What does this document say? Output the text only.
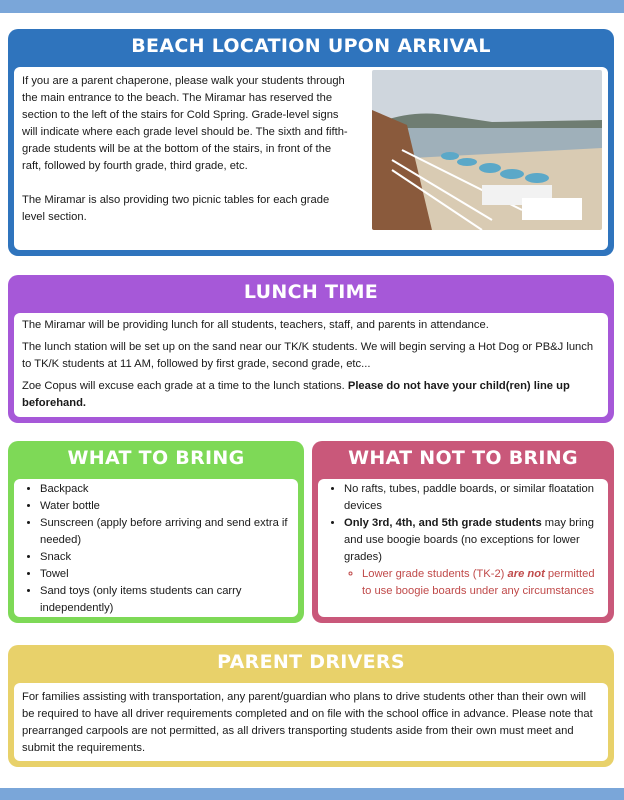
BEACH LOCATION UPON ARRIVAL
If you are a parent chaperone, please walk your students through the main entrance to the beach. The Miramar has reserved the section to the left of the stairs for Cold Spring. Grade-level signs will indicate where each grade level should be. The sixth and fifth-grade students will be at the bottom of the stairs, in front of the raft, followed by fourth grade, third grade, etc.
The Miramar is also providing two picnic tables for each grade level section.
LUNCH TIME

The Miramar will be providing lunch for all students, teachers, staff, and parents in attendance.

The lunch station will be set up on the sand near our TK/K students. We will begin serving a Hot Dog or PB&J lunch to TK/K students at 11 AM, followed by first grade, second grade, etc...

Zoe Copus will excuse each grade at a time to the lunch stations. Please do not have your child(ren) line up beforehand.

WHAT TO BRING
• Backpack
• Water bottle
• Sunscreen (apply before arriving and send extra if needed)
• Snack
• Towel
• Sand toys (only items students can carry independently)
WHAT NOT TO BRING
• No rafts, tubes, paddle boards, or similar floatation devices
• Only 3rd, 4th, and 5th grade students may bring and use boogie boards (no exceptions for lower grades)
◦ Lower grade students (TK-2) are not permitted to use boogie boards under any circumstances
PARENT DRIVERS
For families assisting with transportation, any parent/guardian who plans to drive students other than their own will be required to have all driver requirements completed and on file with the school office in advance. Please note that prearranged carpools are not permitted, as all drivers transporting students aside from their own must meet and submit the requirements.
